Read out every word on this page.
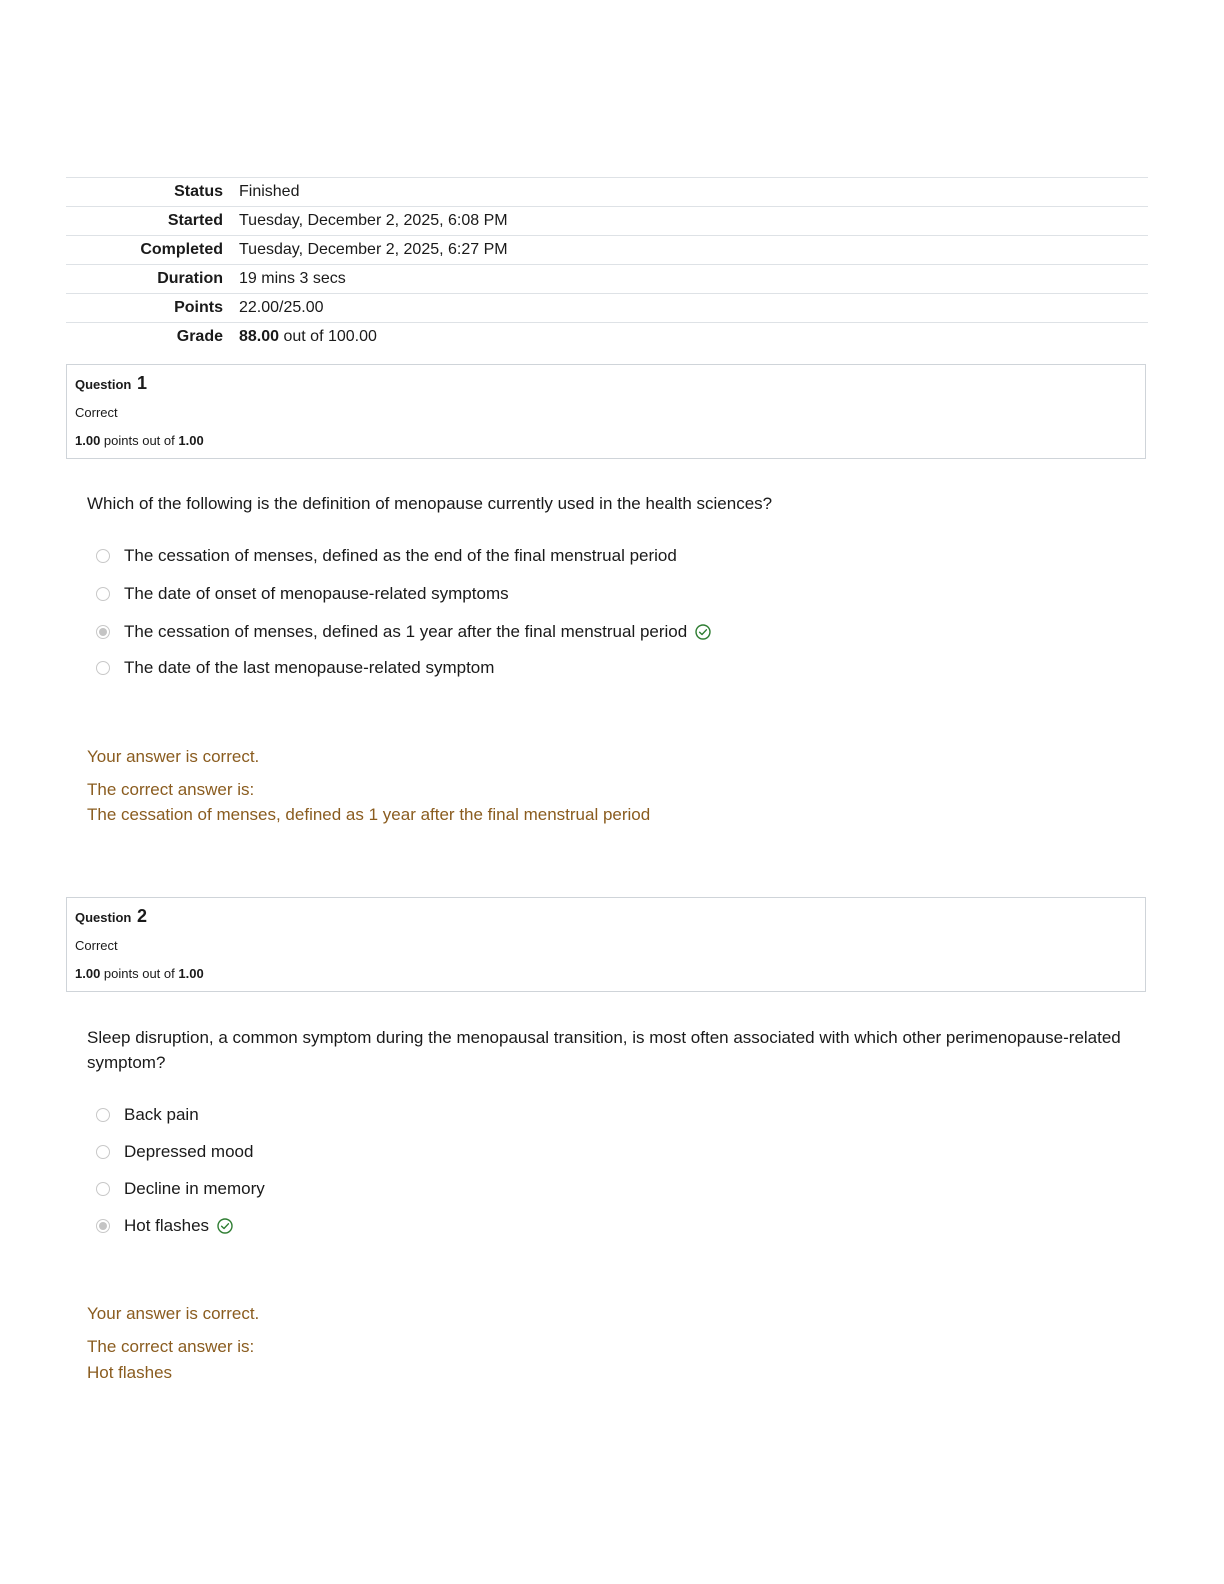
Status	Finished
Started	Tuesday, December 2, 2025, 6:08 PM
Completed	Tuesday, December 2, 2025, 6:27 PM
Duration	19 mins 3 secs
Points	22.00/25.00
Grade	88.00 out of 100.00
Question 1
Correct
1.00 points out of 1.00
Which of the following is the definition of menopause currently used in the health sciences?
The cessation of menses, defined as the end of the final menstrual period
The date of onset of menopause-related symptoms
The cessation of menses, defined as 1 year after the final menstrual period
The date of the last menopause-related symptom
Your answer is correct.
The correct answer is:
The cessation of menses, defined as 1 year after the final menstrual period
Question 2
Correct
1.00 points out of 1.00
Sleep disruption, a common symptom during the menopausal transition, is most often associated with which other perimenopause-related symptom?
Back pain
Depressed mood
Decline in memory
Hot flashes
Your answer is correct.
The correct answer is:
Hot flashes
